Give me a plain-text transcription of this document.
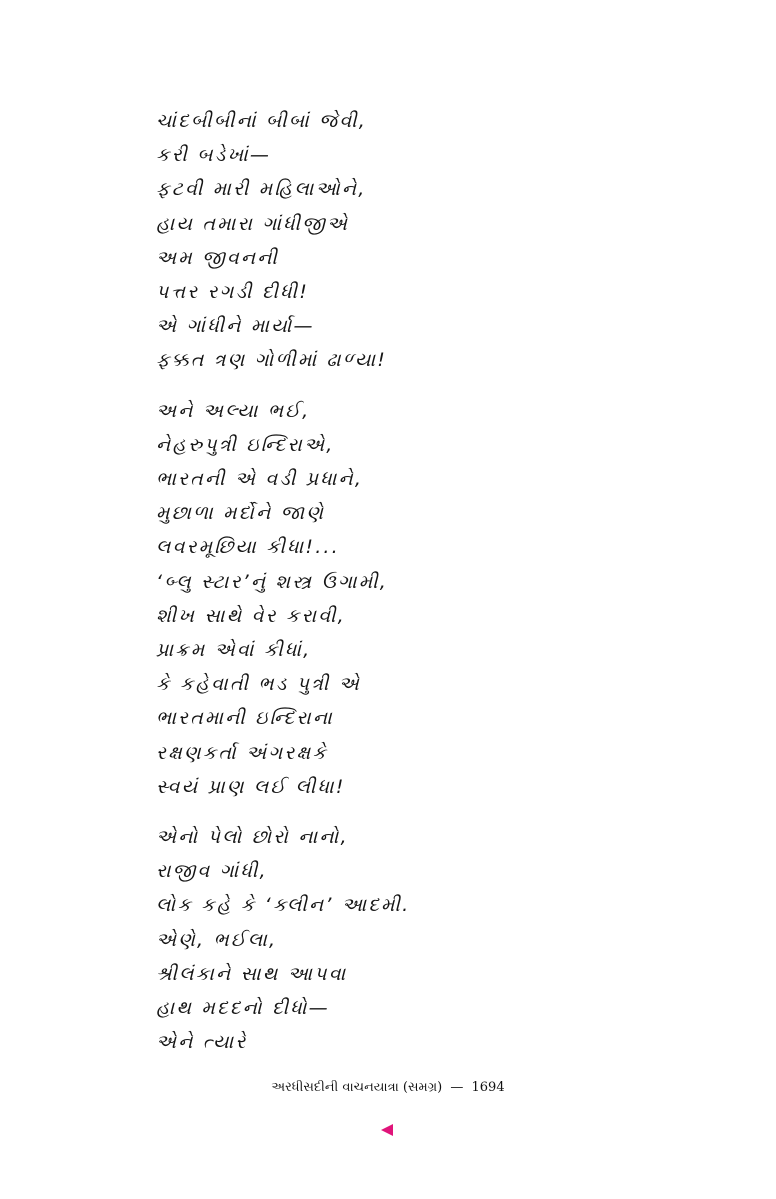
ચાંદબીબીનાં બીબાં જેવી,
કરી બડેખાં—
ફટવી મારી મહિલાઓને,
હાય તમારા ગાંધીજીએ
અમ જીવનની
પત્તર રગડી દીધી!
એ ગાંધીને માર્યા—
ફક્કત ત્રણ ગોળીમાં ઢાળ્યા!
અને અલ્યા ભઈ,
નેહરુપુત્રી ઇન્દિરાએ,
ભારતની એ વડી પ્રધાને,
મુછાળા મર્દોને જાણે
લવરમૂછિયા કીધા!...
‘બ્લુ સ્ટાર’નું શસ્ત્ર ઉગામી,
શીખ સાથે વેર કરાવી,
પ્રાક્રમ એવાં કીધાં,
કે કહેવાતી ભડ પુત્રી એ
ભારતમાની ઇન્દિરાના
રક્ષણકર્તા અંગરક્ષકે
સ્વયં પ્રાણ લઈ લીધા!
એનો પેલો છોરો નાનો,
રાજીવ ગાંધી,
લોક કહે કે ‘ક્લીન’ આદમી.
એણે, ભઈલા,
શ્રીલંકાને સાથ આપવા
હાથ મદદનો દીધો—
એને ત્યારે
અરધીસદીની વાચનયાત્રા (સમગ્ર) — 1694
